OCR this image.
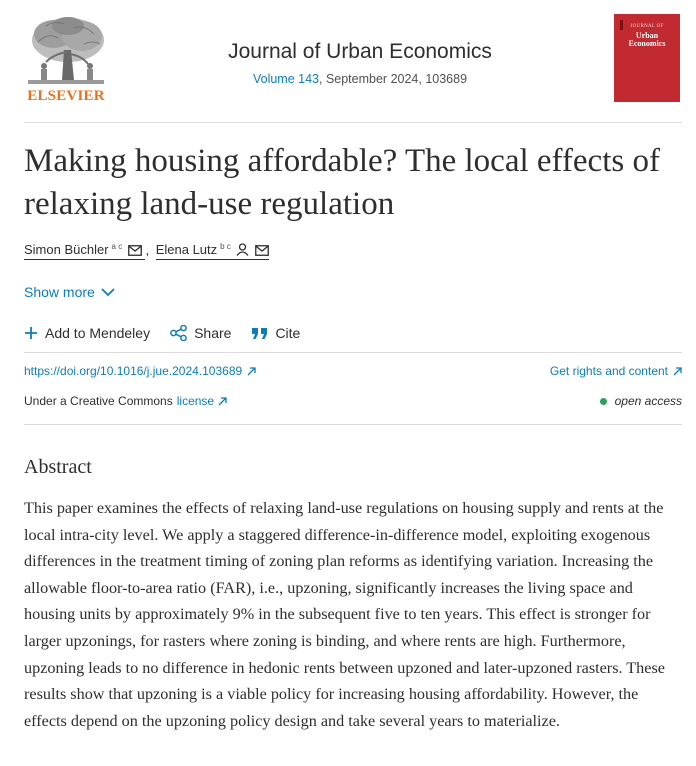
ELSEVIER
Journal of Urban Economics
Volume 143, September 2024, 103689
JOURNAL OF
Urban
Economics
Making housing affordable? The local effects of relaxing land-use regulation
Simon Büchler $^{a c}$ , Elena Lutz $^{b c}$
Show more
Add to Mendeley	Share	Cite
https://doi.org/10.1016/j.jue.2024.103689	Get rights and content
Under a Creative Commons license	open access
Abstract

This paper examines the effects of relaxing land-use regulations on housing supply and rents at the local intra-city level. We apply a staggered difference-in-difference model, exploiting exogenous differences in the treatment timing of zoning plan reforms as identifying variation. Increasing the allowable floor-to-area ratio (FAR), i.e., upzoning, significantly increases the living space and housing units by approximately 9% in the subsequent five to ten years. This effect is stronger for larger upzonings, for rasters where zoning is binding, and where rents are high. Furthermore, upzoning leads to no difference in hedonic rents between upzoned and later-upzoned rasters. These results show that upzoning is a viable policy for increasing housing affordability. However, the effects depend on the upzoning policy design and take several years to materialize.
